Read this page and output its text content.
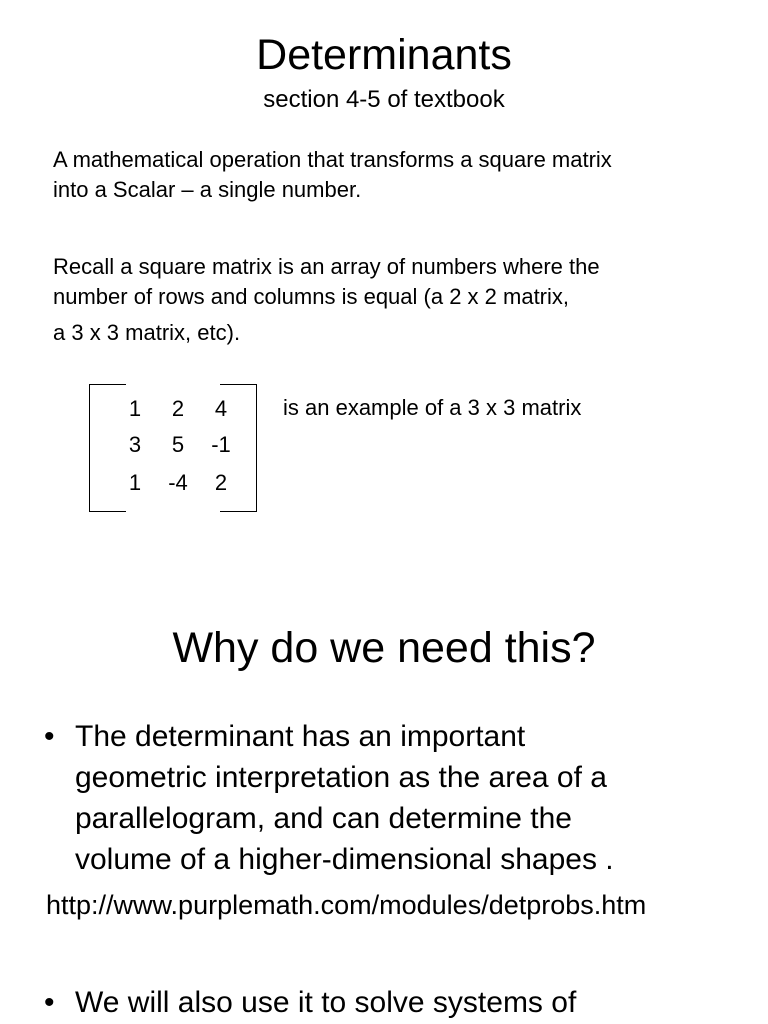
Determinants
section 4-5 of textbook
A mathematical operation that transforms a square matrix
into a Scalar – a single number.
Recall a square matrix is an array of numbers where the
number of rows and columns is equal (a 2 x 2 matrix,
a 3 x 3 matrix, etc).
1	2	4
3	5	-1
1	-4	2
is an example of a 3 x 3 matrix
Why do we need this?
• The determinant has an important
geometric interpretation as the area of a
parallelogram, and can determine the
volume of a higher-dimensional shapes .
http://www.purplemath.com/modules/detprobs.htm
• We will also use it to solve systems of
